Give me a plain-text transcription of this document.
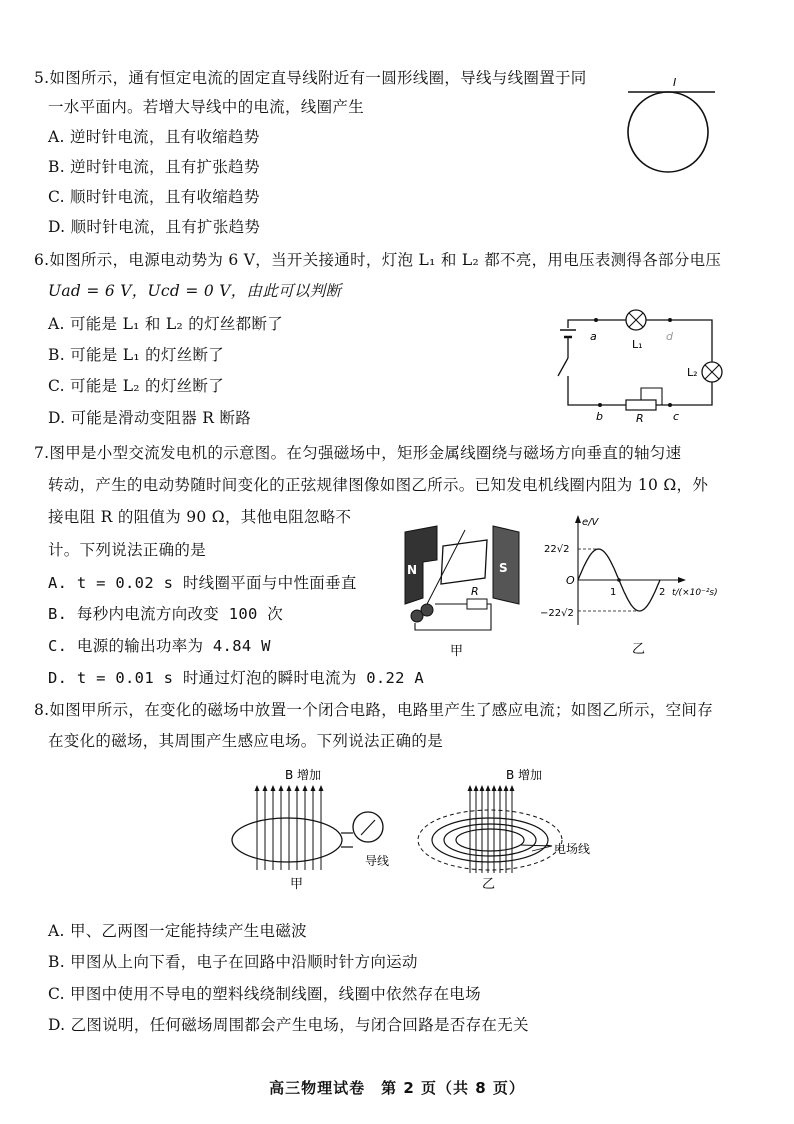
5.如图所示，通有恒定电流的固定直导线附近有一圆形线圈，导线与线圈置于同
一水平面内。若增大导线中的电流，线圈产生
A. 逆时针电流，且有收缩趋势
B. 逆时针电流，且有扩张趋势
C. 顺时针电流，且有收缩趋势
D. 顺时针电流，且有扩张趋势
I
6.如图所示，电源电动势为 6 V，当开关接通时，灯泡 L₁ 和 L₂ 都不亮，用电压表测得各部分电压
Uad = 6 V，Ucd = 0 V，由此可以判断
A. 可能是 L₁ 和 L₂ 的灯丝都断了
B. 可能是 L₁ 的灯丝断了
C. 可能是 L₂ 的灯丝断了
D. 可能是滑动变阻器 R 断路
a
L₁
d
L₂
b	R	c
7.图甲是小型交流发电机的示意图。在匀强磁场中，矩形金属线圈绕与磁场方向垂直的轴匀速
转动，产生的电动势随时间变化的正弦规律图像如图乙所示。已知发电机线圈内阻为 10 Ω，外
接电阻 R 的阻值为 90 Ω，其他电阻忽略不
计。下列说法正确的是
A. t = 0.02 s 时线圈平面与中性面垂直
B. 每秒内电流方向改变 100 次
C. 电源的输出功率为 4.84 W
D. t = 0.01 s 时通过灯泡的瞬时电流为 0.22 A
N	S
R
甲
e/V
t/(×10⁻²s)
O
22√2
−22√2
1	2
乙
8.如图甲所示，在变化的磁场中放置一个闭合电路，电路里产生了感应电流；如图乙所示，空间存
在变化的磁场，其周围产生感应电场。下列说法正确的是
B 增加
导线
甲
B 增加
电场线
乙
A. 甲、乙两图一定能持续产生电磁波
B. 甲图从上向下看，电子在回路中沿顺时针方向运动
C. 甲图中使用不导电的塑料线绕制线圈，线圈中依然存在电场
D. 乙图说明，任何磁场周围都会产生电场，与闭合回路是否存在无关
高三物理试卷　第 2 页（共 8 页）
